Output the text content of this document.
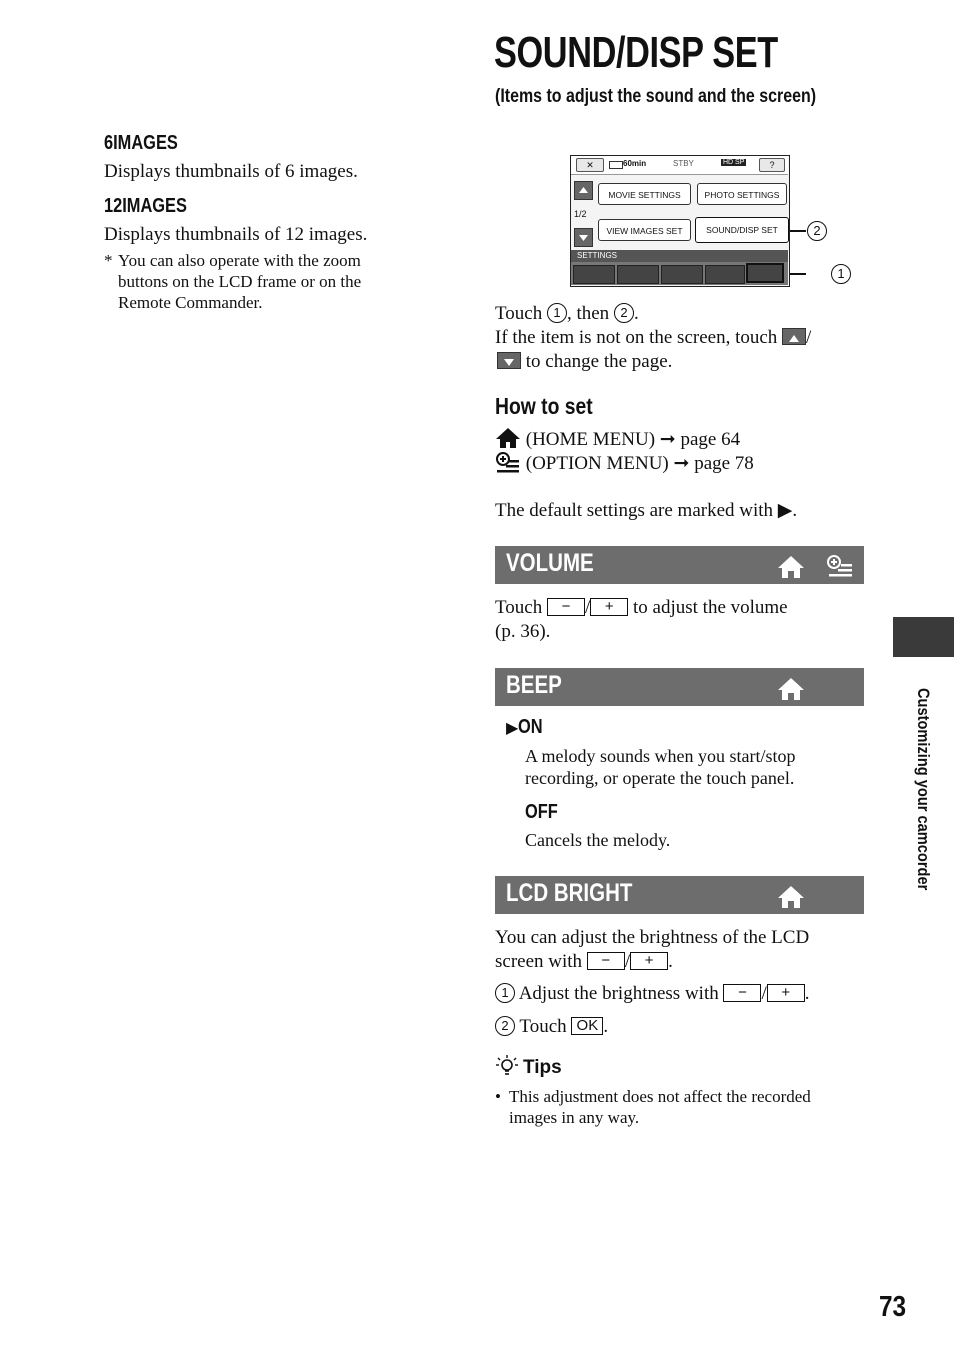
6IMAGES
Displays thumbnails of 6 images.
12IMAGES
Displays thumbnails of 12 images.
* You can also operate with the zoom
buttons on the LCD frame or on the
Remote Commander.
SOUND/DISP SET
(Items to adjust the sound and the screen)
✕	60min	STBY	HD SP	?
1/2
MOVIE SETTINGS	PHOTO SETTINGS
VIEW IMAGES SET	SOUND/DISP SET
SETTINGS
2
1
Touch 1 , then 2 .
If the item is not on the screen, touch /
to change the page.
How to set
(HOME MENU) ➞ page 64
(OPTION MENU) ➞ page 78
The default settings are marked with ▶.
VOLUME
Touch − / + to adjust the volume
(p. 36).
BEEP
▶ON
A melody sounds when you start/stop
recording, or operate the touch panel.
OFF
Cancels the melody.
LCD BRIGHT
You can adjust the brightness of the LCD
screen with − / + .
1 Adjust the brightness with − / + .
2 Touch OK .
Tips
• This adjustment does not affect the recorded
images in any way.
Customizing your camcorder
73
